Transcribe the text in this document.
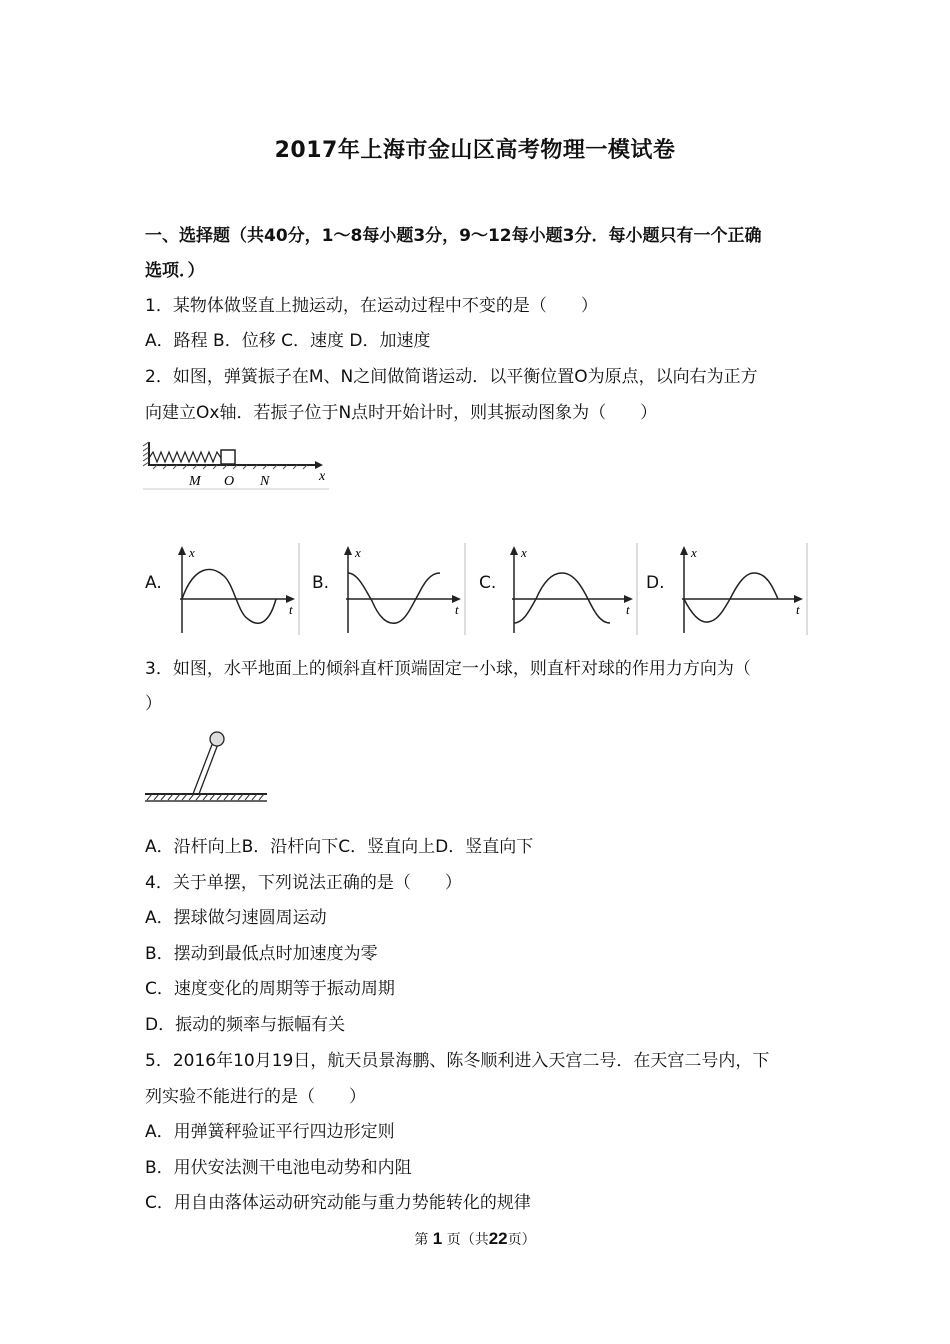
2017年上海市金山区高考物理一模试卷
一、选择题（共40分，1～8每小题3分，9～12每小题3分．每小题只有一个正确
选项．）
1．某物体做竖直上抛运动，在运动过程中不变的是（　　）
A．路程 B．位移 C．速度 D．加速度
2．如图，弹簧振子在M、N之间做简谐运动．以平衡位置O为原点，以向右为正方
向建立Ox轴．若振子位于N点时开始计时，则其振动图象为（　　）
M O N	x
A.	B.	C.	D.
x
t
x
t
x
t
x
t
3．如图，水平地面上的倾斜直杆顶端固定一小球，则直杆对球的作用力方向为（
）
A．沿杆向上B．沿杆向下C．竖直向上D．竖直向下
4．关于单摆，下列说法正确的是（　　）
A．摆球做匀速圆周运动
B．摆动到最低点时加速度为零
C．速度变化的周期等于振动周期
D．振动的频率与振幅有关
5．2016年10月19日，航天员景海鹏、陈冬顺利进入天宫二号．在天宫二号内，下
列实验不能进行的是（　　）
A．用弹簧秤验证平行四边形定则
B．用伏安法测干电池电动势和内阻
C．用自由落体运动研究动能与重力势能转化的规律
第 1 页（共22页）
